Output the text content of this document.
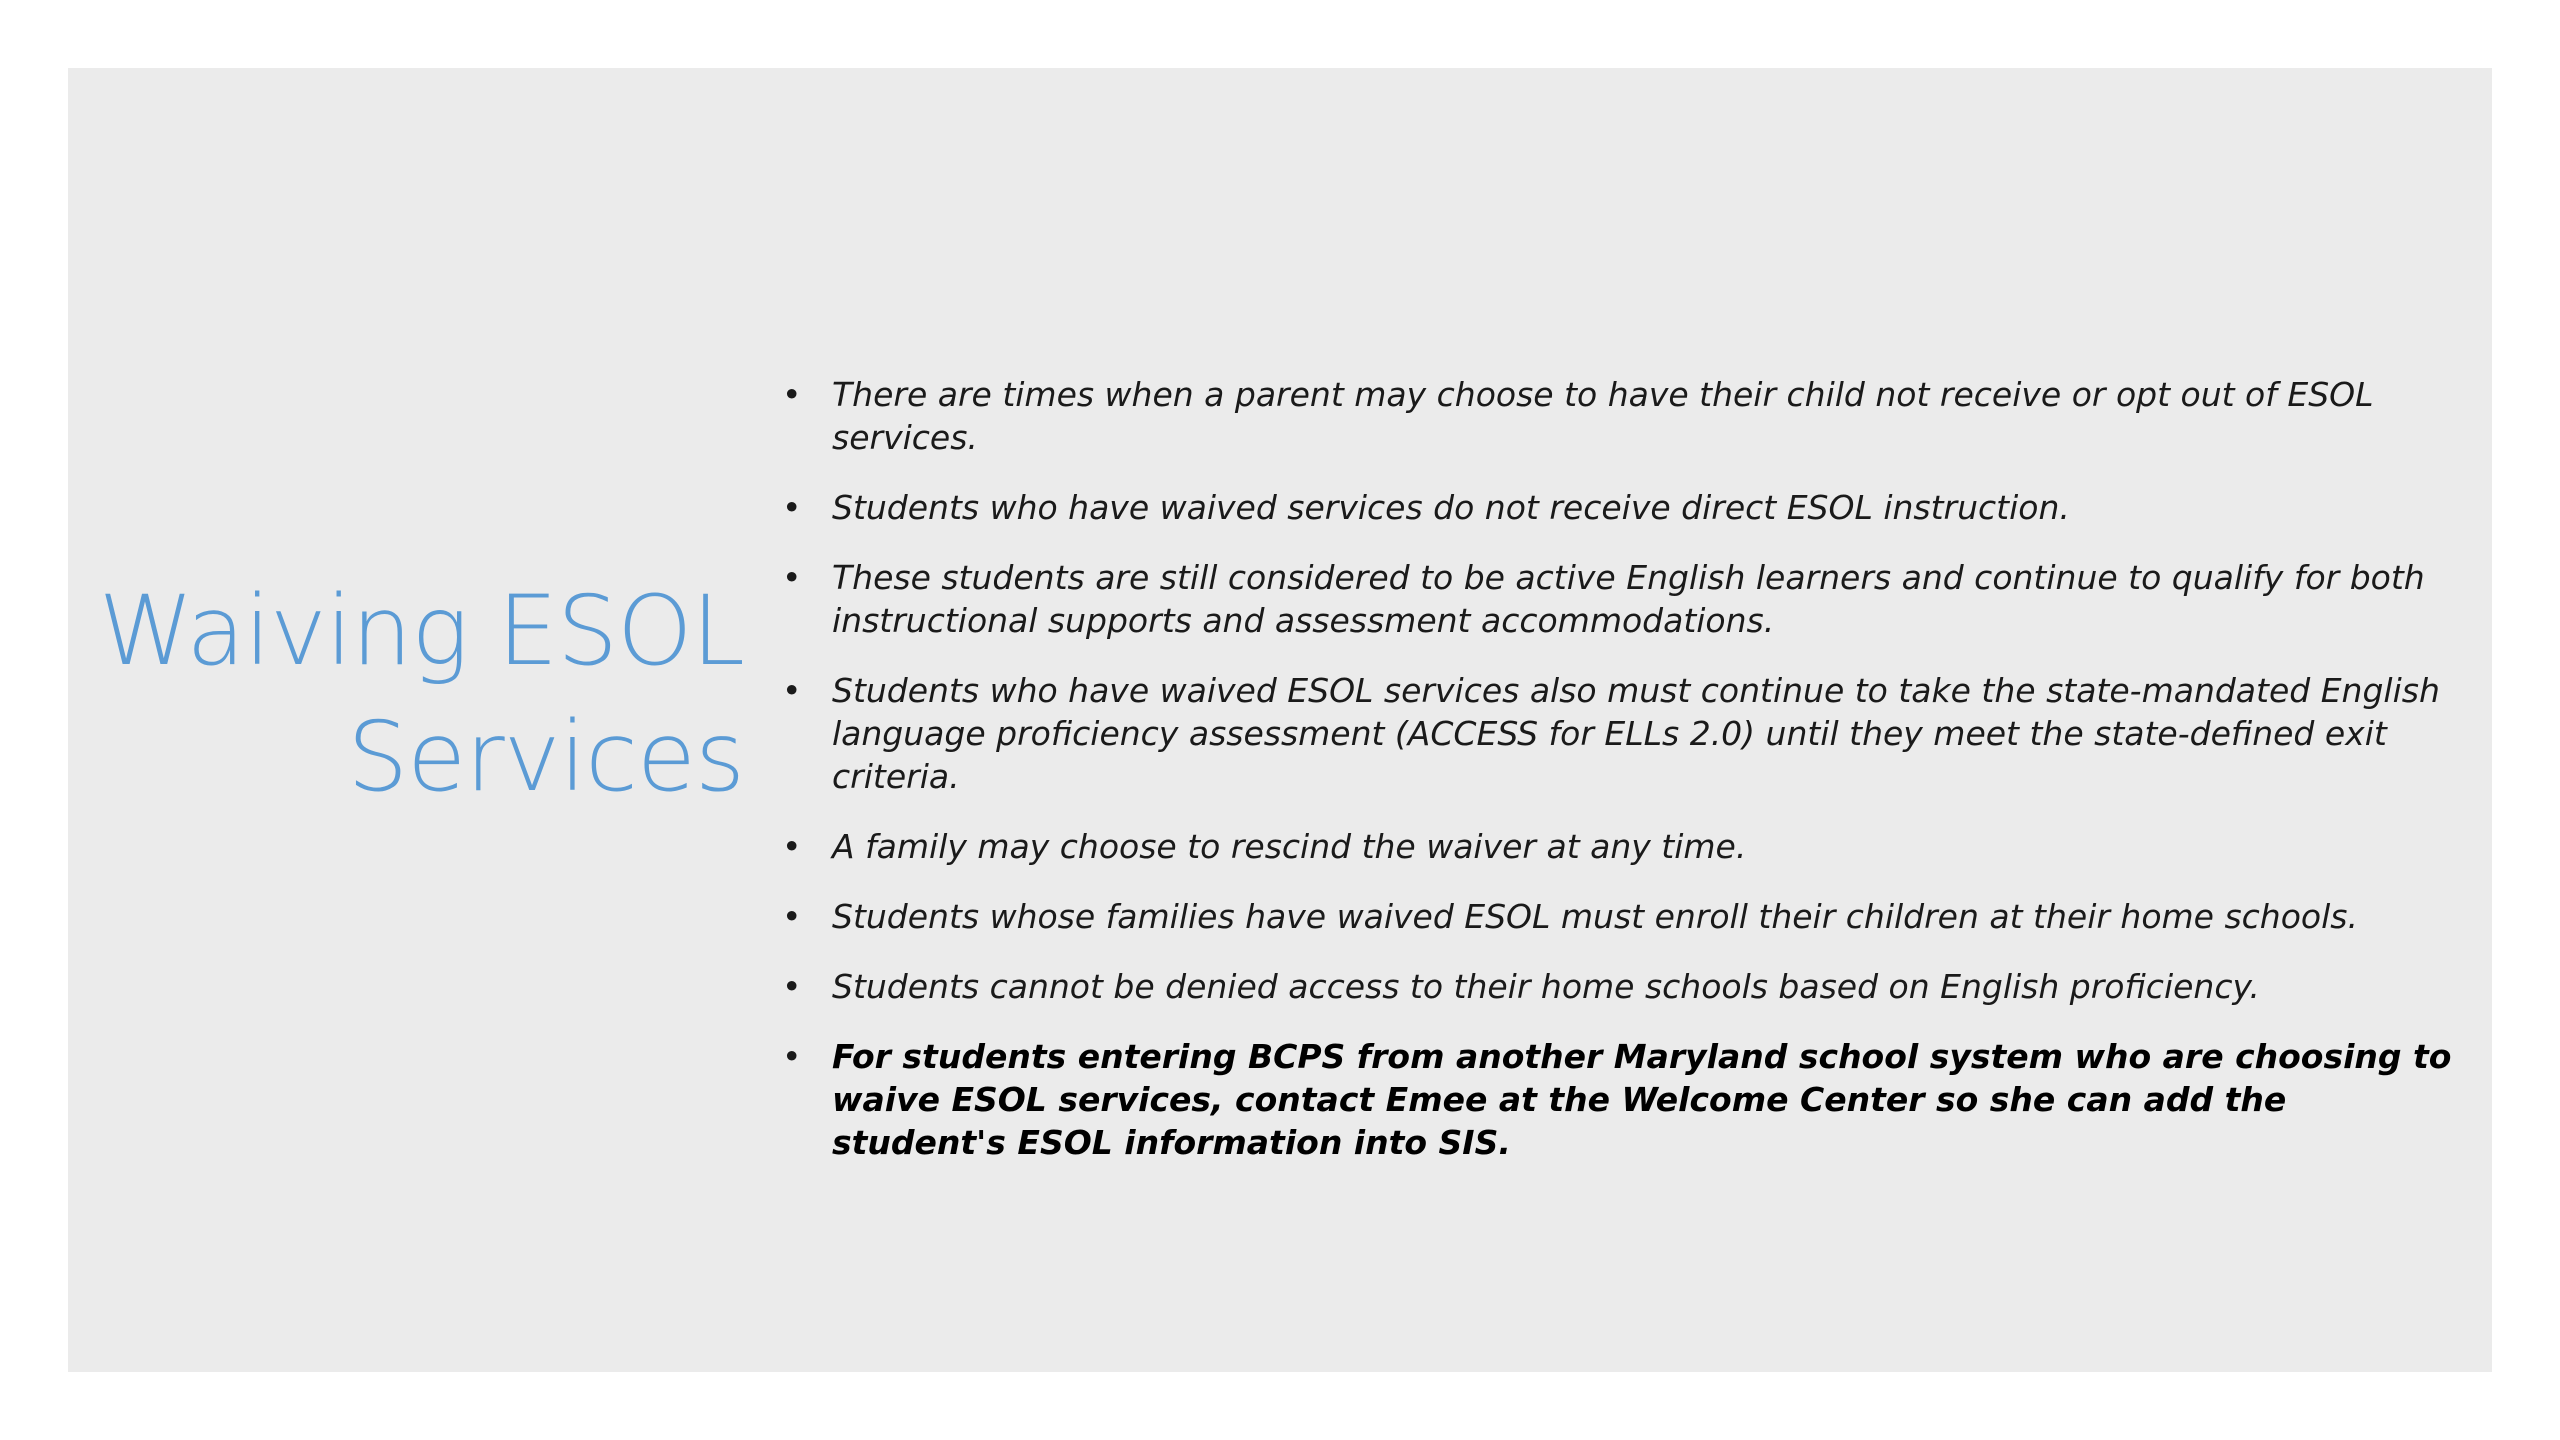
Waiving ESOL
Services
• There are times when a parent may choose to have their child not receive or opt out of ESOL services.
• Students who have waived services do not receive direct ESOL instruction.
• These students are still considered to be active English learners and continue to qualify for both instructional supports and assessment accommodations.
• Students who have waived ESOL services also must continue to take the state-mandated English language proficiency assessment (ACCESS for ELLs 2.0) until they meet the state-defined exit criteria.
• A family may choose to rescind the waiver at any time.
• Students whose families have waived ESOL must enroll their children at their home schools.
• Students cannot be denied access to their home schools based on English proficiency.
• For students entering BCPS from another Maryland school system who are choosing to waive ESOL services, contact Emee at the Welcome Center so she can add the student's ESOL information into SIS.
